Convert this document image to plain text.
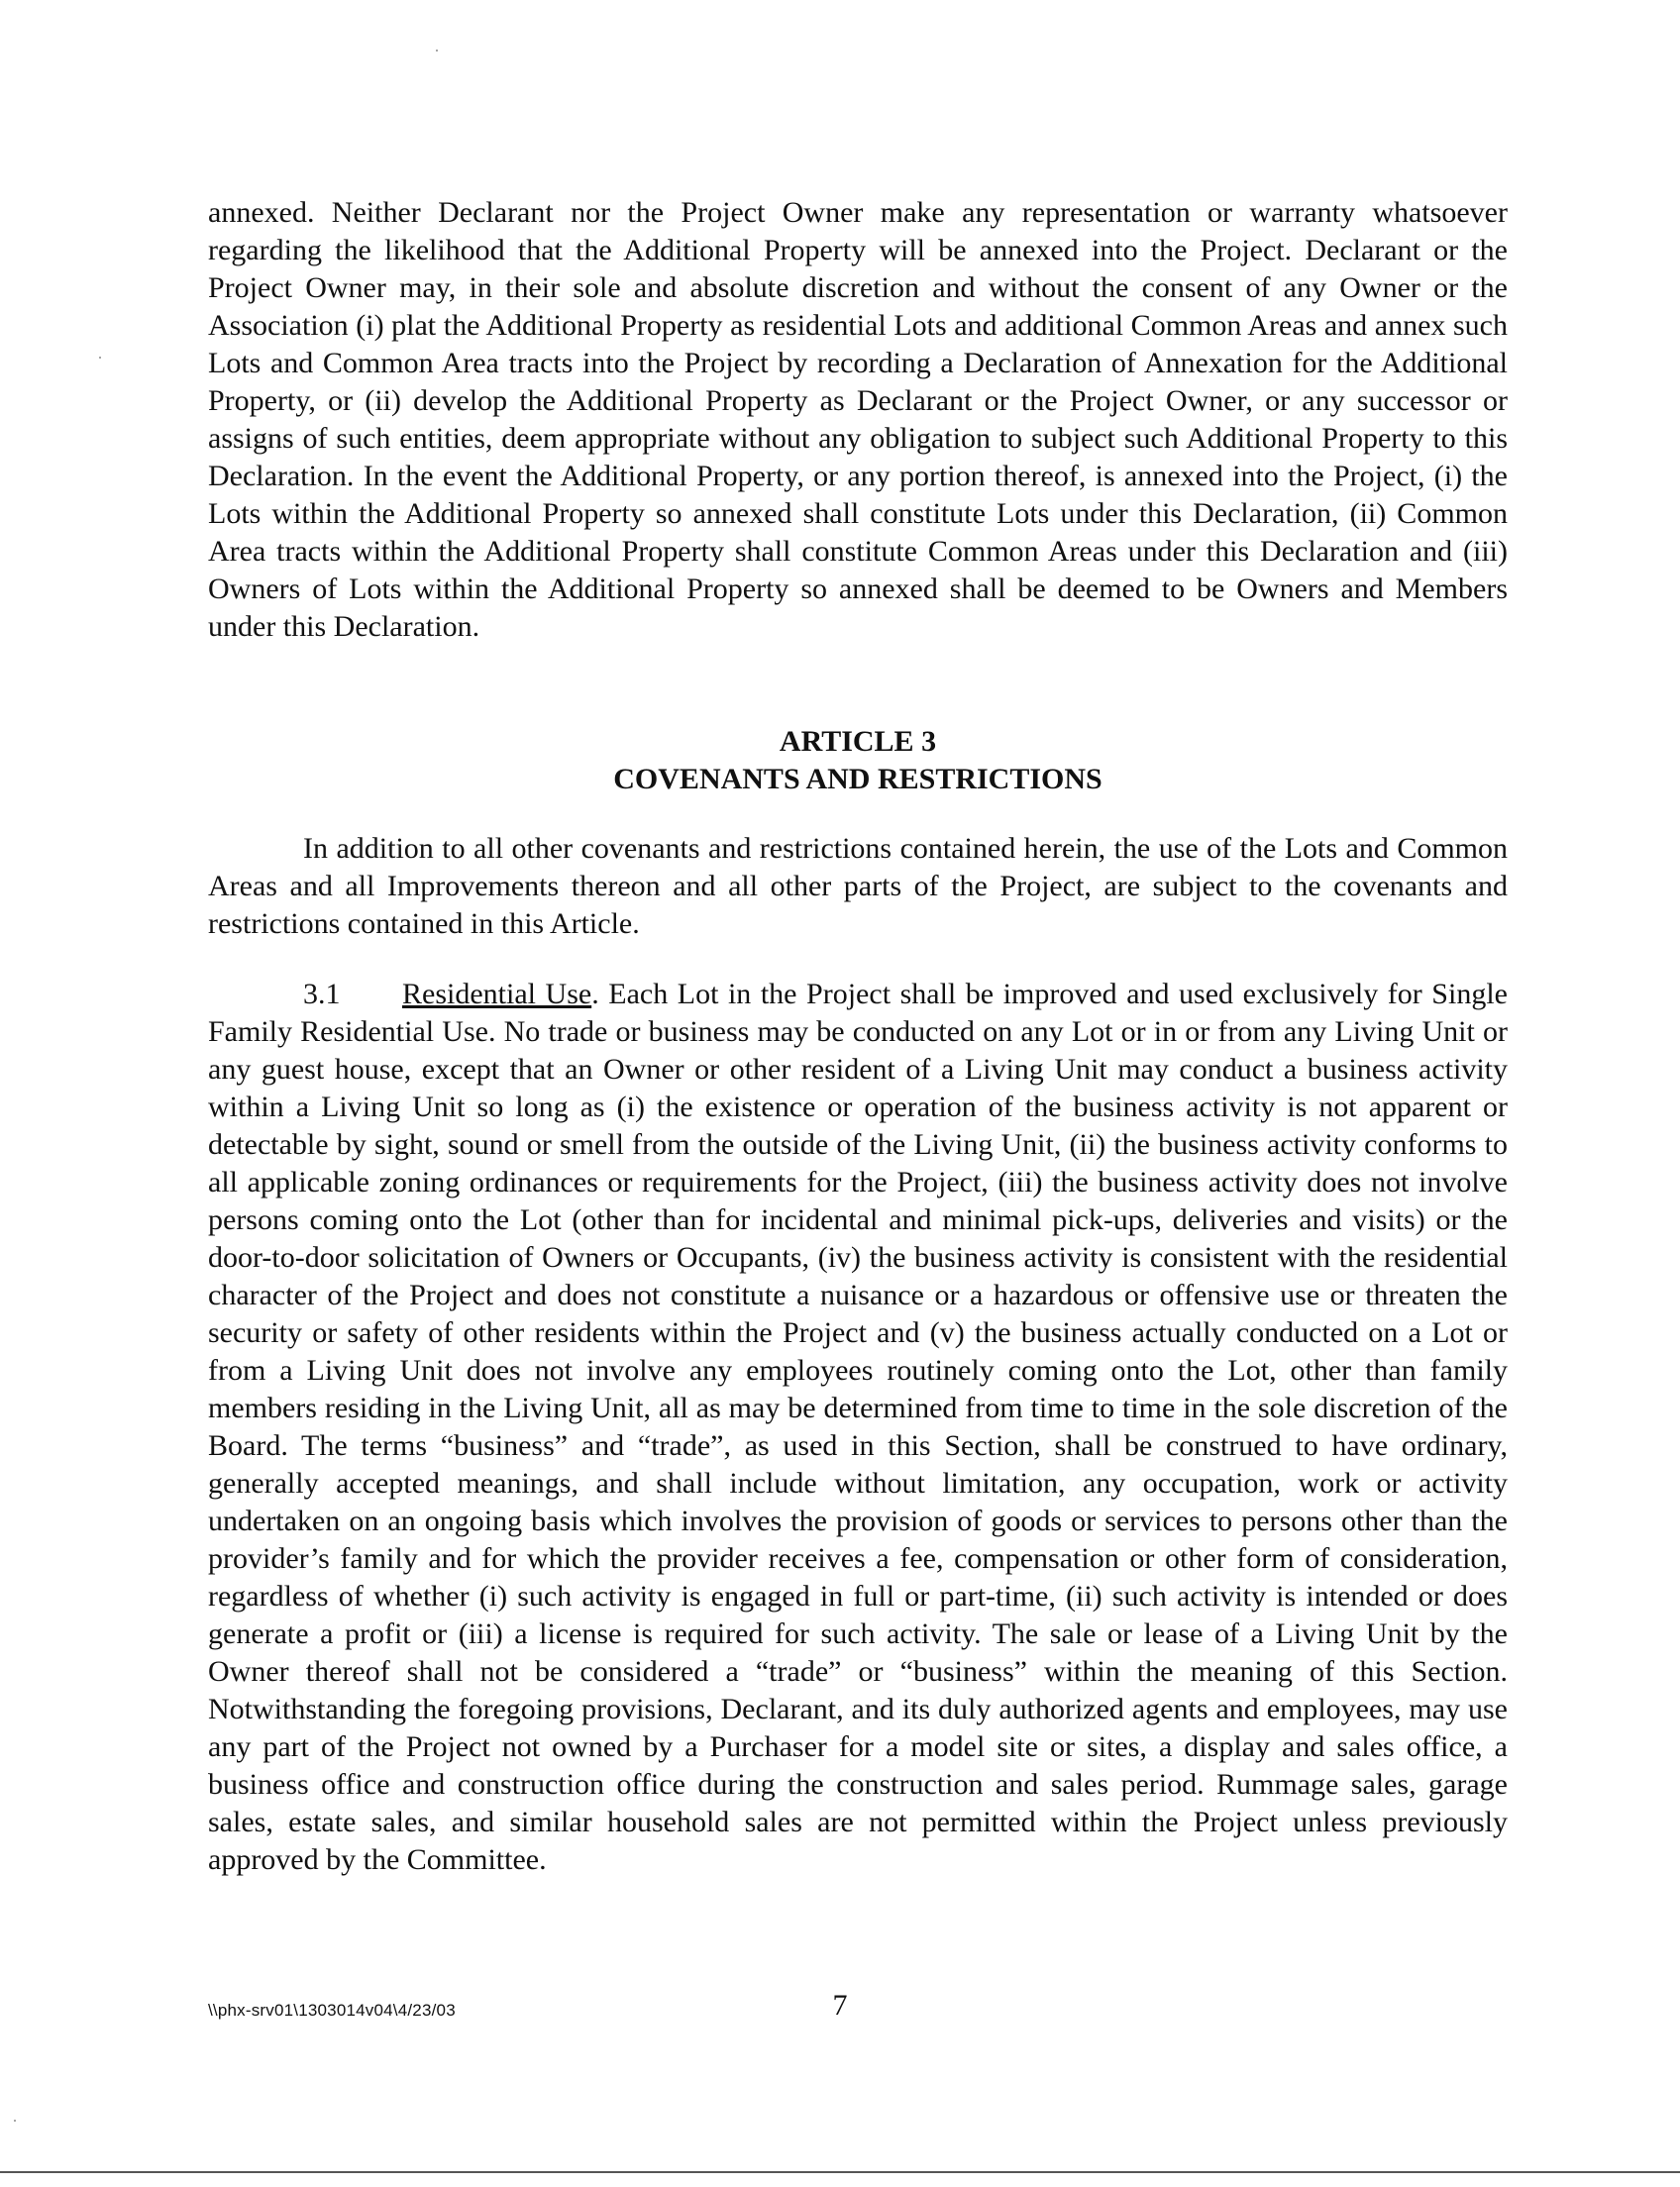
annexed. Neither Declarant nor the Project Owner make any representation or warranty whatsoever regarding the likelihood that the Additional Property will be annexed into the Project. Declarant or the Project Owner may, in their sole and absolute discretion and without the consent of any Owner or the Association (i) plat the Additional Property as residential Lots and additional Common Areas and annex such Lots and Common Area tracts into the Project by recording a Declaration of Annexation for the Additional Property, or (ii) develop the Additional Property as Declarant or the Project Owner, or any successor or assigns of such entities, deem appropriate without any obligation to subject such Additional Property to this Declaration. In the event the Additional Property, or any portion thereof, is annexed into the Project, (i) the Lots within the Additional Property so annexed shall constitute Lots under this Declaration, (ii) Common Area tracts within the Additional Property shall constitute Common Areas under this Declaration and (iii) Owners of Lots within the Additional Property so annexed shall be deemed to be Owners and Members under this Declaration.

ARTICLE 3
COVENANTS AND RESTRICTIONS

In addition to all other covenants and restrictions contained herein, the use of the Lots and Common Areas and all Improvements thereon and all other parts of the Project, are subject to the covenants and restrictions contained in this Article.

3.1 Residential Use. Each Lot in the Project shall be improved and used exclusively for Single Family Residential Use. No trade or business may be conducted on any Lot or in or from any Living Unit or any guest house, except that an Owner or other resident of a Living Unit may conduct a business activity within a Living Unit so long as (i) the existence or operation of the business activity is not apparent or detectable by sight, sound or smell from the outside of the Living Unit, (ii) the business activity conforms to all applicable zoning ordinances or requirements for the Project, (iii) the business activity does not involve persons coming onto the Lot (other than for incidental and minimal pick-ups, deliveries and visits) or the door-to-door solicitation of Owners or Occupants, (iv) the business activity is consistent with the residential character of the Project and does not constitute a nuisance or a hazardous or offensive use or threaten the security or safety of other residents within the Project and (v) the business actually conducted on a Lot or from a Living Unit does not involve any employees routinely coming onto the Lot, other than family members residing in the Living Unit, all as may be determined from time to time in the sole discretion of the Board. The terms “business” and “trade”, as used in this Section, shall be construed to have ordinary, generally accepted meanings, and shall include without limitation, any occupation, work or activity undertaken on an ongoing basis which involves the provision of goods or services to persons other than the provider’s family and for which the provider receives a fee, compensation or other form of consideration, regardless of whether (i) such activity is engaged in full or part-time, (ii) such activity is intended or does generate a profit or (iii) a license is required for such activity. The sale or lease of a Living Unit by the Owner thereof shall not be considered a “trade” or “business” within the meaning of this Section. Notwithstanding the foregoing provisions, Declarant, and its duly authorized agents and employees, may use any part of the Project not owned by a Purchaser for a model site or sites, a display and sales office, a business office and construction office during the construction and sales period. Rummage sales, garage sales, estate sales, and similar household sales are not permitted within the Project unless previously approved by the Committee.

\\phx-srv01\1303014v04\4/23/03	7
